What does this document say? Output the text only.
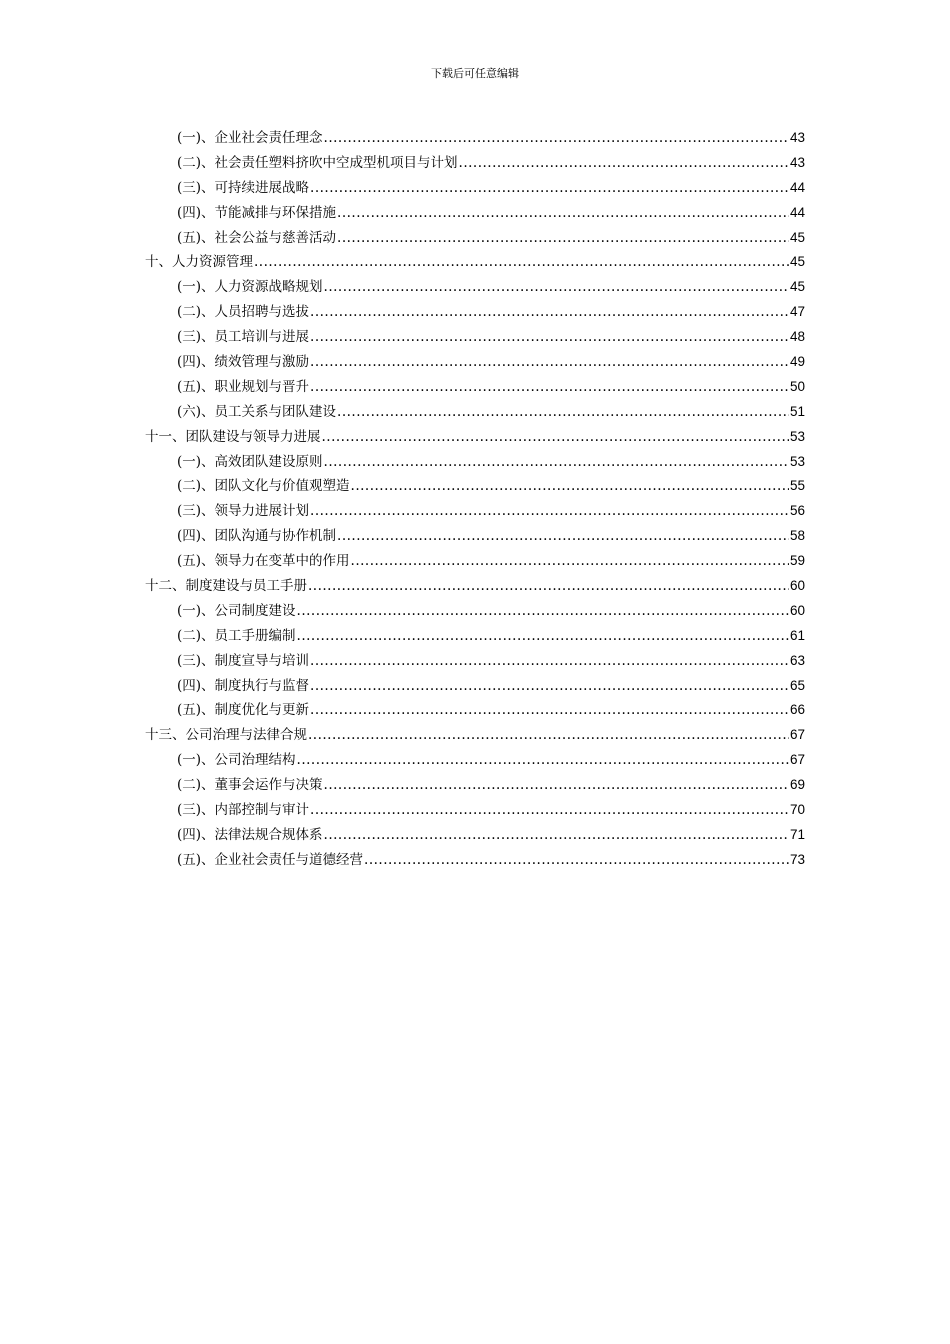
下载后可任意编辑
(一)、企业社会责任理念 .....	43
(二)、社会责任塑料挤吹中空成型机项目与计划 .....	43
(三)、可持续进展战略 .....	44
(四)、节能减排与环保措施 .....	44
(五)、社会公益与慈善活动 .....	45
十、人力资源管理 .....	45
(一)、人力资源战略规划 .....	45
(二)、人员招聘与选拔 .....	47
(三)、员工培训与进展 .....	48
(四)、绩效管理与激励 .....	49
(五)、职业规划与晋升 .....	50
(六)、员工关系与团队建设 .....	51
十一、团队建设与领导力进展 .....	53
(一)、高效团队建设原则 .....	53
(二)、团队文化与价值观塑造 .....	55
(三)、领导力进展计划 .....	56
(四)、团队沟通与协作机制 .....	58
(五)、领导力在变革中的作用 .....	59
十二、制度建设与员工手册 .....	60
(一)、公司制度建设 .....	60
(二)、员工手册编制 .....	61
(三)、制度宣导与培训 .....	63
(四)、制度执行与监督 .....	65
(五)、制度优化与更新 .....	66
十三、公司治理与法律合规 .....	67
(一)、公司治理结构 .....	67
(二)、董事会运作与决策 .....	69
(三)、内部控制与审计 .....	70
(四)、法律法规合规体系 .....	71
(五)、企业社会责任与道德经营 .....	73
